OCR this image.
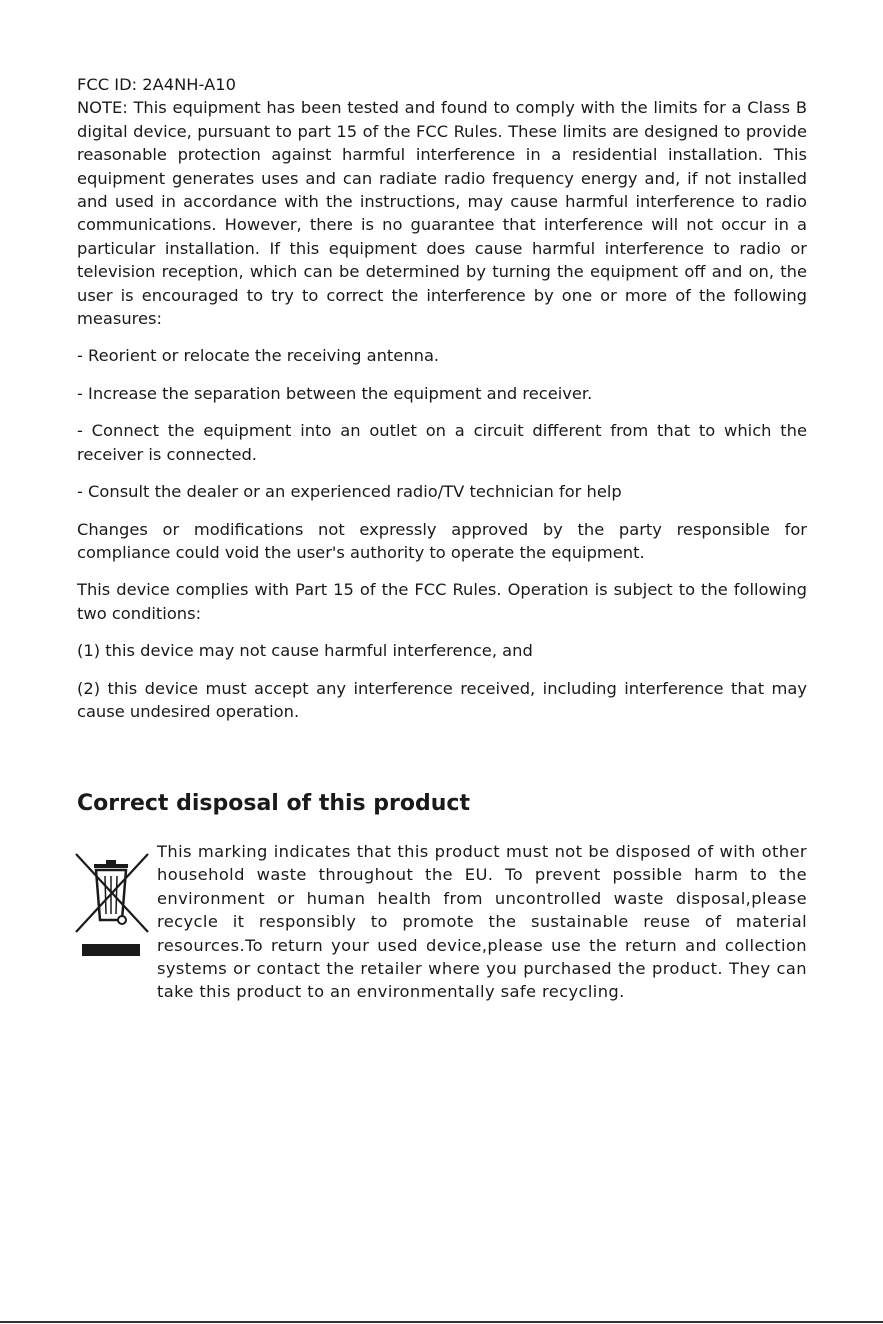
FCC ID: 2A4NH-A10

NOTE: This equipment has been tested and found to comply with the limits for a Class B digital device, pursuant to part 15 of the FCC Rules. These limits are designed to provide reasonable protection against harmful interference in a residential installation. This equipment generates uses and can radiate radio frequency energy and, if not installed and used in accordance with the instructions, may cause harmful interference to radio communications. However, there is no guarantee that interference will not occur in a particular installation. If this equipment does cause harmful interference to radio or television reception, which can be determined by turning the equipment off and on, the user is encouraged to try to correct the interference by one or more of the following measures:

- Reorient or relocate the receiving antenna.

- Increase the separation between the equipment and receiver.

- Connect the equipment into an outlet on a circuit different from that to which the receiver is connected.

- Consult the dealer or an experienced radio/TV technician for help

Changes or modifications not expressly approved by the party responsible for compliance could void the user's authority to operate the equipment.

This device complies with Part 15 of the FCC Rules. Operation is subject to the following two conditions:

(1) this device may not cause harmful interference, and

(2) this device must accept any interference received, including interference that may cause undesired operation.

Correct disposal of this product

This marking indicates that this product must not be disposed of with other household waste throughout the EU. To prevent possible harm to the environment or human health from uncontrolled waste disposal,please recycle it responsibly to promote the sustainable reuse of material resources.To return your used device,please use the return and collection systems or contact the retailer where you purchased the product. They can take this product to an environmentally safe recycling.
